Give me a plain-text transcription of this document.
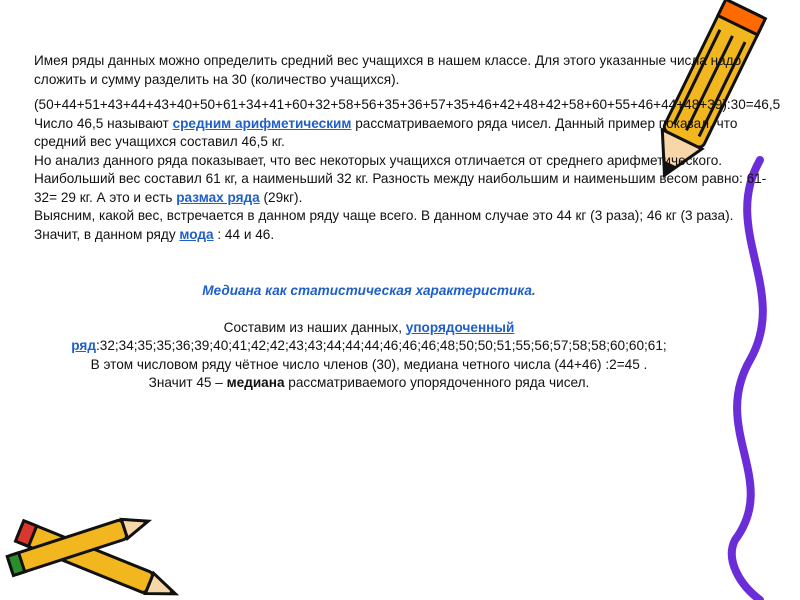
Имея ряды данных можно определить средний вес учащихся в нашем классе. Для этого указанные числа надо сложить и сумму разделить на 30 (количество учащихся).

(50+44+51+43+44+43+40+50+61+34+41+60+32+58+56+35+36+57+35+46+42+48+42+58+60+55+46+44+48+39):30=46,5

Число 46,5 называют средним арифметическим рассматриваемого ряда чисел. Данный пример показал, что средний вес учащихся составил 46,5 кг.

Но анализ данного ряда показывает, что вес некоторых учащихся отличается от среднего арифметического.

Наибольший вес составил 61 кг, а наименьший 32 кг. Разность между наибольшим и наименьшим весом равно: 61-32= 29 кг. А это и есть размах ряда (29кг).

Выясним, какой вес, встречается в данном ряду чаще всего. В данном случае это 44 кг (3 раза); 46 кг (3 раза). Значит, в данном ряду мода : 44 и 46.

Медиана как статистическая характеристика.

Составим из наших данных, упорядоченный ряд:32;34;35;35;36;39;40;41;42;42;43;43;44;44;44;46;46;46;48;50;50;51;55;56;57;58;58;60;60;61;

В этом числовом ряду чётное число членов (30), медиана четного числа (44+46) :2=45 .

Значит 45 – медиана рассматриваемого упорядоченного ряда чисел.
